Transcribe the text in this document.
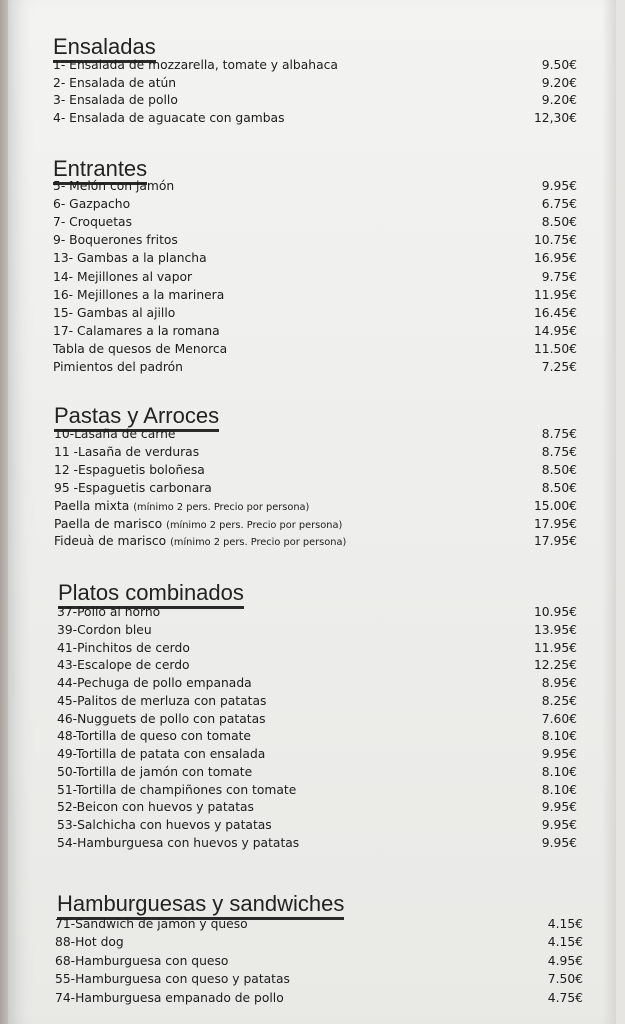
Ensaladas
1- Ensalada de mozzarella, tomate y albahaca	9.50€
2- Ensalada de atún	9.20€
3- Ensalada de pollo	9.20€
4- Ensalada de aguacate con gambas	12,30€
Entrantes
5- Melón con jamón	9.95€
6- Gazpacho	6.75€
7- Croquetas	8.50€
9- Boquerones fritos	10.75€
13- Gambas a la plancha	16.95€
14- Mejillones al vapor	9.75€
16- Mejillones a la marinera	11.95€
15- Gambas al ajillo	16.45€
17- Calamares a la romana	14.95€
Tabla de quesos de Menorca	11.50€
Pimientos del padrón	7.25€
Pastas y Arroces
10-Lasaña de carne	8.75€
11 -Lasaña de verduras	8.75€
12 -Espaguetis boloñesa	8.50€
95 -Espaguetis carbonara	8.50€
Paella mixta (mínimo 2 pers. Precio por persona)	15.00€
Paella de marisco (mínimo 2 pers. Precio por persona)	17.95€
Fideuà de marisco (mínimo 2 pers. Precio por persona)	17.95€
Platos combinados
37-Pollo al horno	10.95€
39-Cordon bleu	13.95€
41-Pinchitos de cerdo	11.95€
43-Escalope de cerdo	12.25€
44-Pechuga de pollo empanada	8.95€
45-Palitos de merluza con patatas	8.25€
46-Nugguets de pollo con patatas	7.60€
48-Tortilla de queso con tomate	8.10€
49-Tortilla de patata con ensalada	9.95€
50-Tortilla de jamón con tomate	8.10€
51-Tortilla de champiñones con tomate	8.10€
52-Beicon con huevos y patatas	9.95€
53-Salchicha con huevos y patatas	9.95€
54-Hamburguesa con huevos y patatas	9.95€
Hamburguesas y sandwiches
71-Sandwich de jamón y queso	4.15€
88-Hot dog	4.15€
68-Hamburguesa con queso	4.95€
55-Hamburguesa con queso y patatas	7.50€
74-Hamburguesa empanado de pollo	4.75€
